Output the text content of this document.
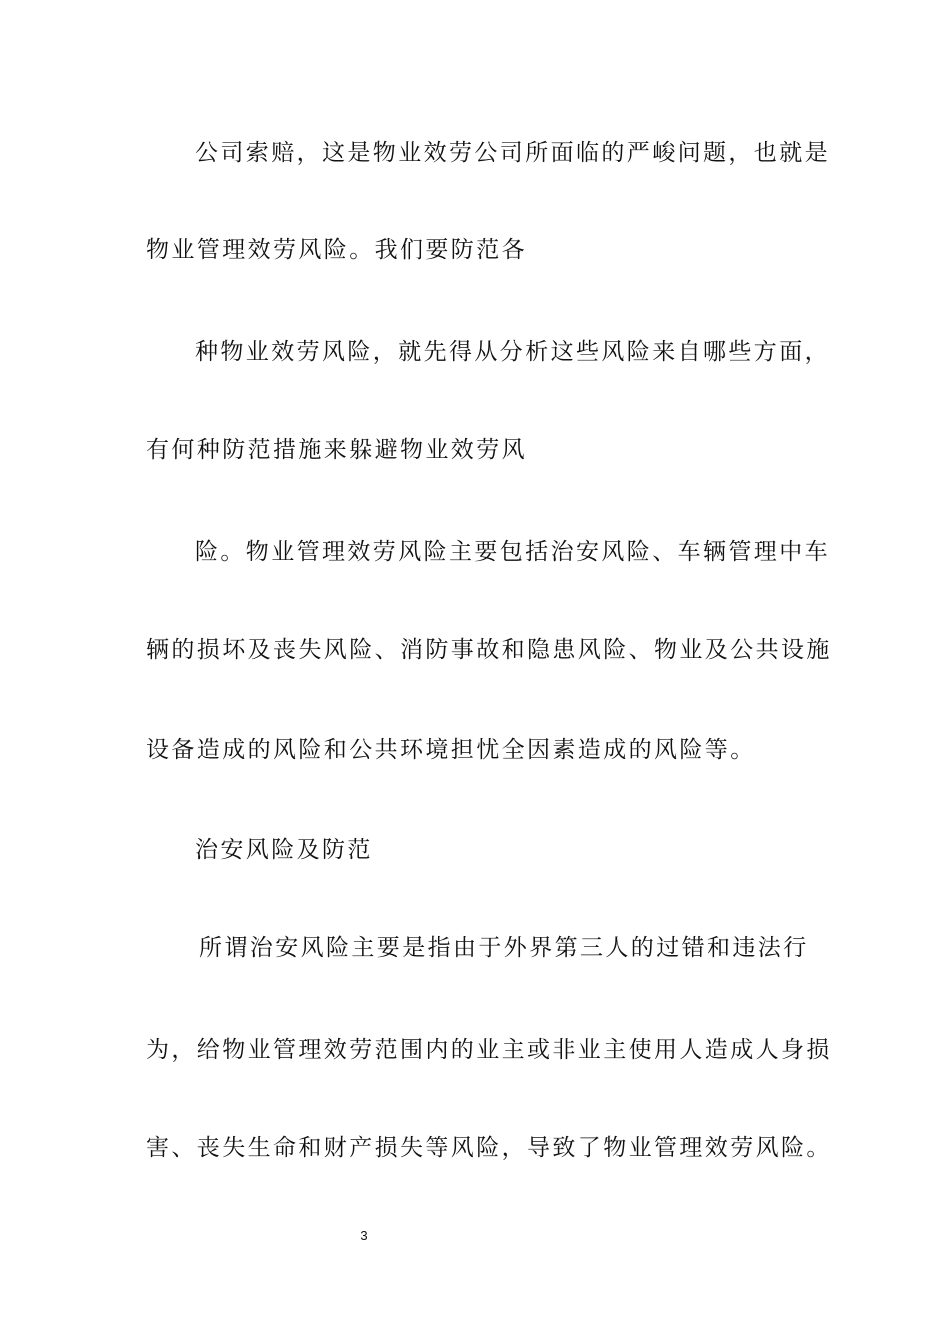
公司索赔，这是物业效劳公司所面临的严峻问题，也就是
物业管理效劳风险。我们要防范各
种物业效劳风险，就先得从分析这些风险来自哪些方面，
有何种防范措施来躲避物业效劳风
险。物业管理效劳风险主要包括治安风险、车辆管理中车
辆的损坏及丧失风险、消防事故和隐患风险、物业及公共设施
设备造成的风险和公共环境担忧全因素造成的风险等。
治安风险及防范
所谓治安风险主要是指由于外界第三人的过错和违法行
为，给物业管理效劳范围内的业主或非业主使用人造成人身损
害、丧失生命和财产损失等风险，导致了物业管理效劳风险。
3
